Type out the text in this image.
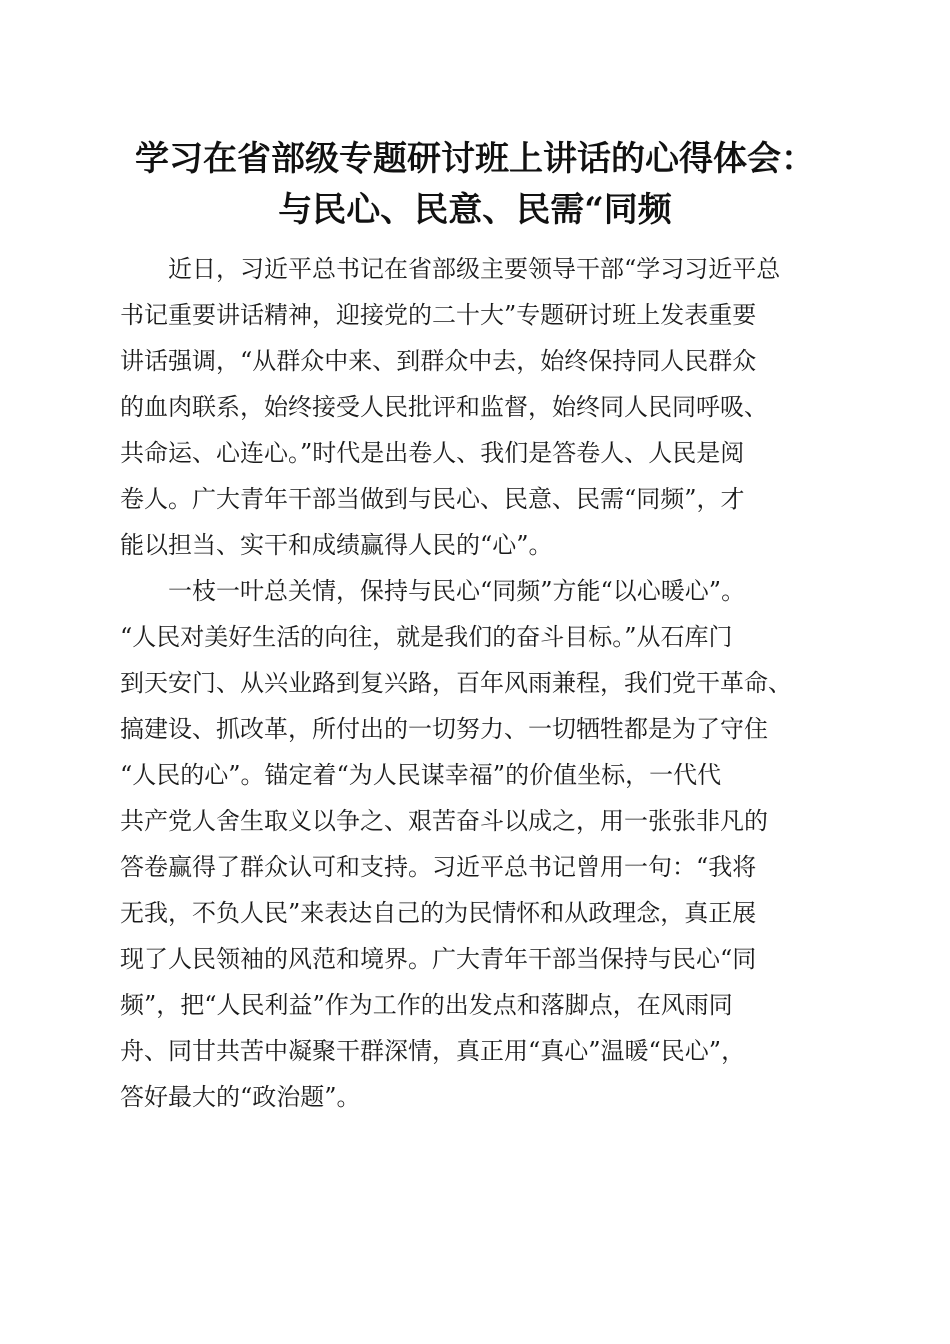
学习在省部级专题研讨班上讲话的心得体会：
与民心、民意、民需“同频
　　近日，习近平总书记在省部级主要领导干部“学习习近平总
书记重要讲话精神，迎接党的二十大”专题研讨班上发表重要
讲话强调，“从群众中来、到群众中去，始终保持同人民群众
的血肉联系，始终接受人民批评和监督，始终同人民同呼吸、
共命运、心连心。”时代是出卷人、我们是答卷人、人民是阅
卷人。广大青年干部当做到与民心、民意、民需“同频”，才
能以担当、实干和成绩赢得人民的“心”。
　　一枝一叶总关情，保持与民心“同频”方能“以心暖心”。
“人民对美好生活的向往，就是我们的奋斗目标。”从石库门
到天安门、从兴业路到复兴路，百年风雨兼程，我们党干革命、
搞建设、抓改革，所付出的一切努力、一切牺牲都是为了守住
“人民的心”。锚定着“为人民谋幸福”的价值坐标，一代代
共产党人舍生取义以争之、艰苦奋斗以成之，用一张张非凡的
答卷赢得了群众认可和支持。习近平总书记曾用一句：“我将
无我，不负人民”来表达自己的为民情怀和从政理念，真正展
现了人民领袖的风范和境界。广大青年干部当保持与民心“同
频”，把“人民利益”作为工作的出发点和落脚点，在风雨同
舟、同甘共苦中凝聚干群深情，真正用“真心”温暖“民心”，
答好最大的“政治题”。
